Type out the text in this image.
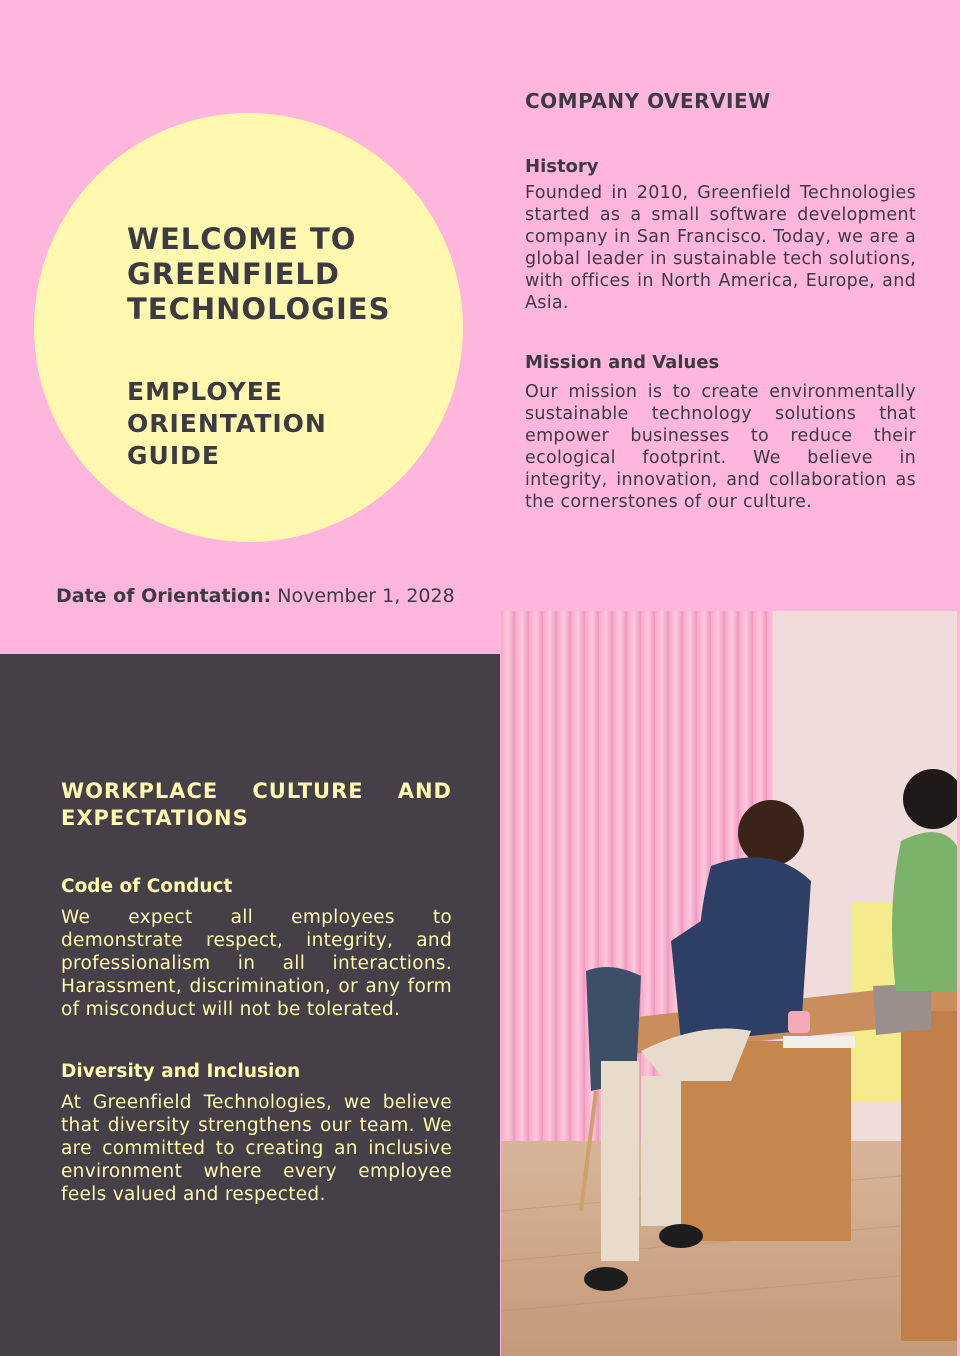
WELCOME TO GREENFIELD TECHNOLOGIES
EMPLOYEE ORIENTATION GUIDE

Date of Orientation: November 1, 2028

COMPANY OVERVIEW
History

Founded in 2010, Greenfield Technologies started as a small software development company in San Francisco. Today, we are a global leader in sustainable tech solutions, with offices in North America, Europe, and Asia.

Mission and Values

Our mission is to create environmentally sustainable technology solutions that empower businesses to reduce their ecological footprint. We believe in integrity, innovation, and collaboration as the cornerstones of our culture.

WORKPLACE CULTURE AND EXPECTATIONS
Code of Conduct

We expect all employees to demonstrate respect, integrity, and professionalism in all interactions. Harassment, discrimination, or any form of misconduct will not be tolerated.

Diversity and Inclusion

At Greenfield Technologies, we believe that diversity strengthens our team. We are committed to creating an inclusive environment where every employee feels valued and respected.
